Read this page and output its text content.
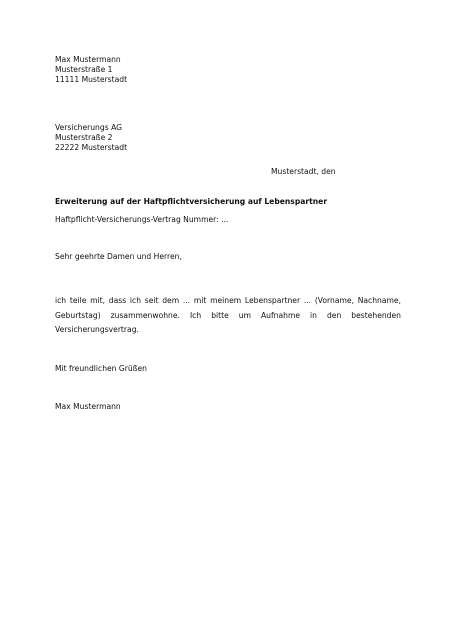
Max Mustermann
Musterstraße 1
11111 Musterstadt
Versicherungs AG
Musterstraße 2
22222 Musterstadt
Musterstadt, den
Erweiterung auf der Haftpflichtversicherung auf Lebenspartner
Haftpflicht-Versicherungs-Vertrag Nummer: ...
Sehr geehrte Damen und Herren,
ich teile mit, dass ich seit dem ... mit meinem Lebenspartner ... (Vorname, Nachname, Geburtstag) zusammenwohne. Ich bitte um Aufnahme in den bestehenden Versicherungsvertrag.
Mit freundlichen Grüßen
Max Mustermann
